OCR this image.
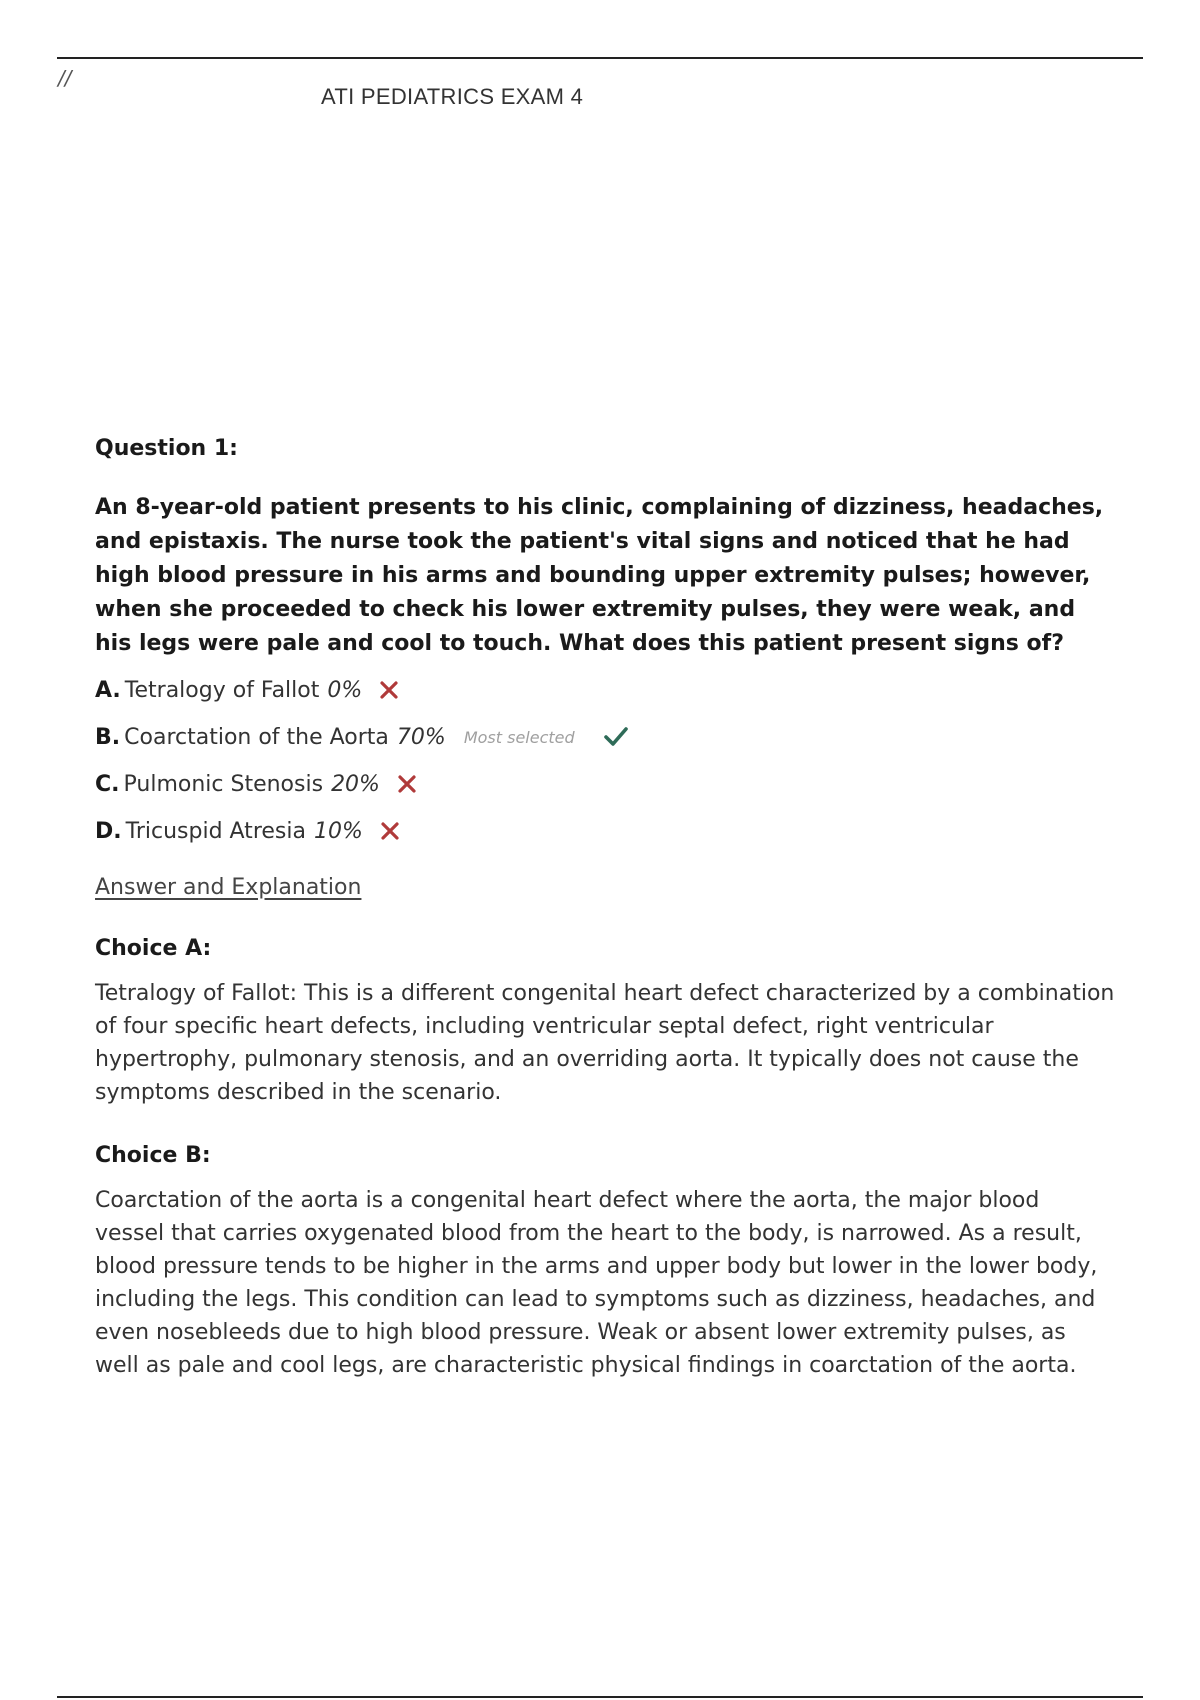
//
ATI PEDIATRICS EXAM 4
Question 1:
An 8-year-old patient presents to his clinic, complaining of dizziness, headaches, and epistaxis. The nurse took the patient's vital signs and noticed that he had high blood pressure in his arms and bounding upper extremity pulses; however, when she proceeded to check his lower extremity pulses, they were weak, and his legs were pale and cool to touch. What does this patient present signs of?
A. Tetralogy of Fallot 0%
B. Coarctation of the Aorta 70% Most selected
C. Pulmonic Stenosis 20%
D. Tricuspid Atresia 10%
Answer and Explanation
Choice A:
Tetralogy of Fallot: This is a different congenital heart defect characterized by a combination of four specific heart defects, including ventricular septal defect, right ventricular hypertrophy, pulmonary stenosis, and an overriding aorta. It typically does not cause the symptoms described in the scenario.
Choice B:
Coarctation of the aorta is a congenital heart defect where the aorta, the major blood vessel that carries oxygenated blood from the heart to the body, is narrowed. As a result, blood pressure tends to be higher in the arms and upper body but lower in the lower body, including the legs. This condition can lead to symptoms such as dizziness, headaches, and even nosebleeds due to high blood pressure. Weak or absent lower extremity pulses, as well as pale and cool legs, are characteristic physical findings in coarctation of the aorta.
